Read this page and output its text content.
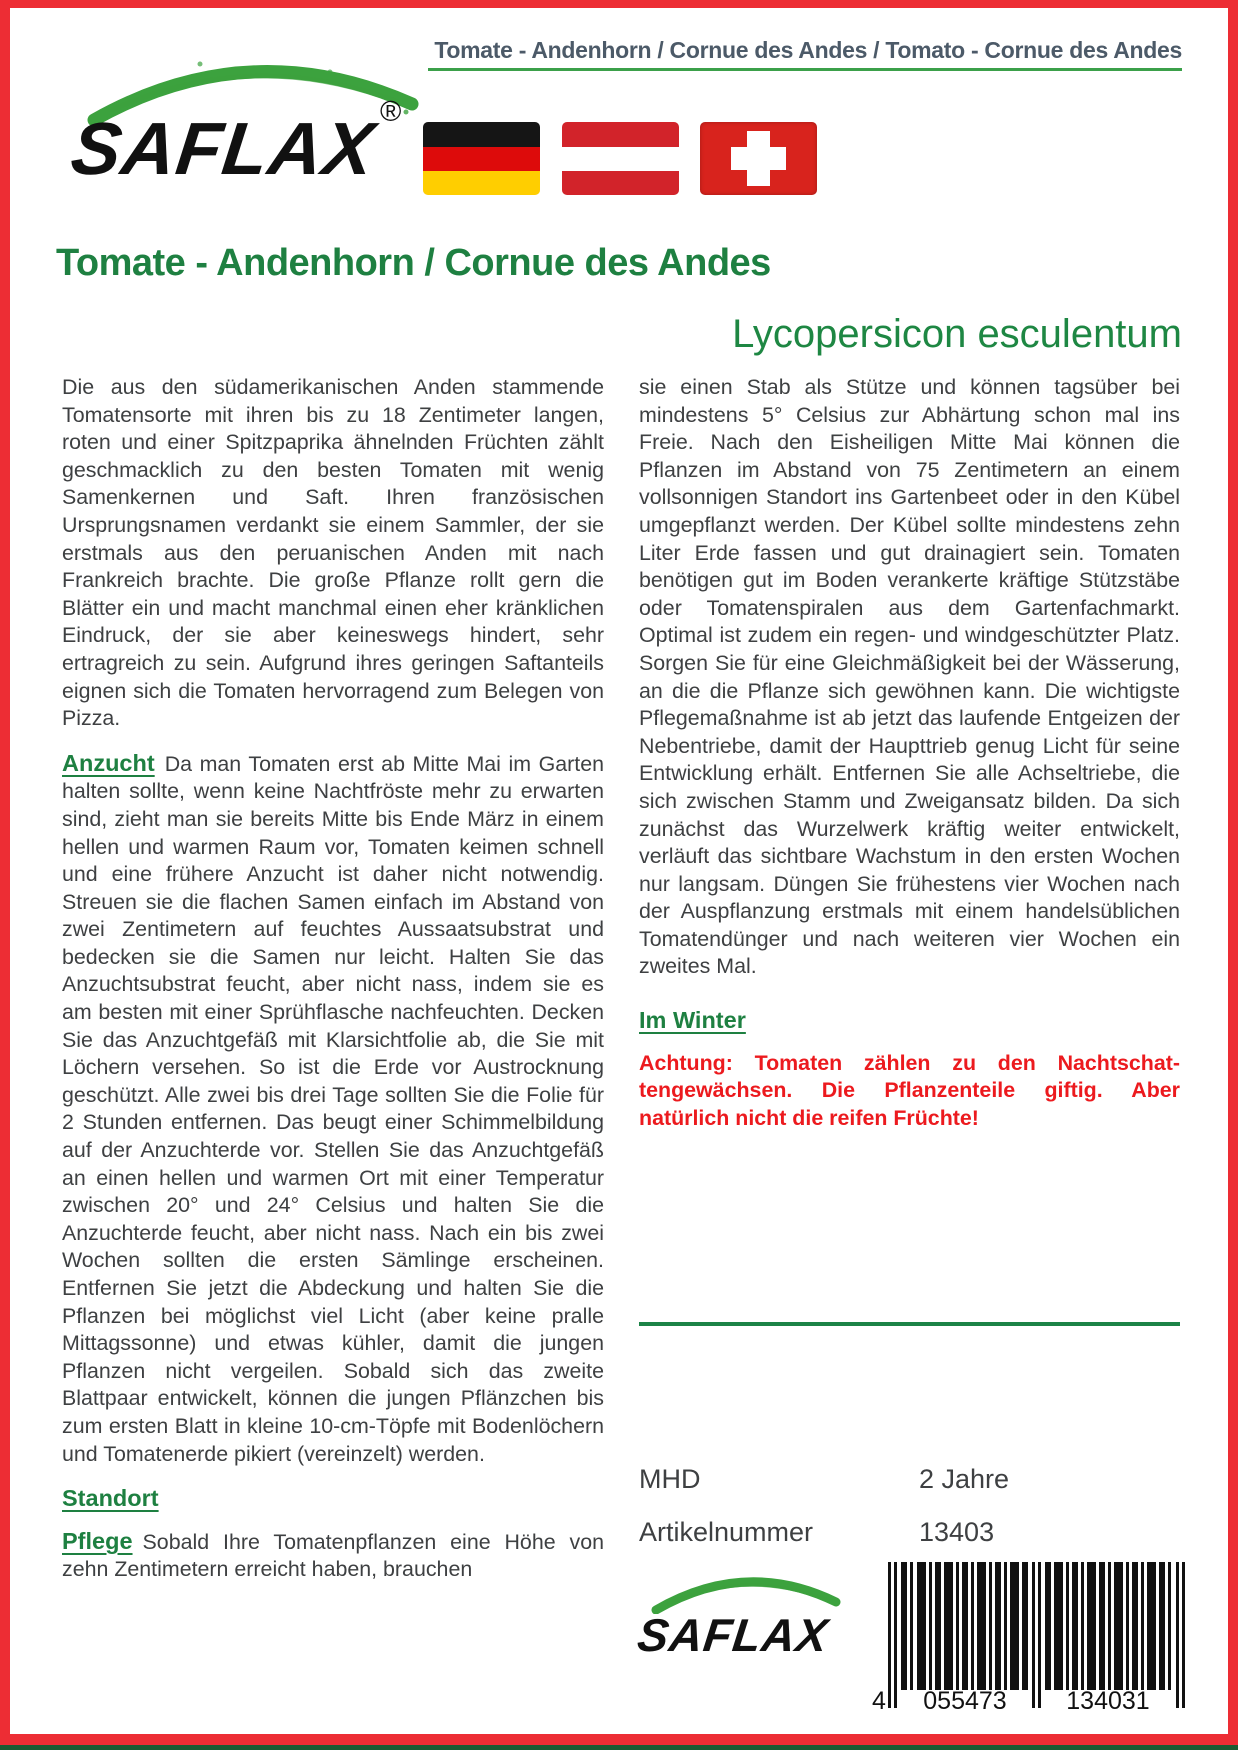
Tomate - Andenhorn / Cornue des Andes / Tomato - Cornue des Andes
®
SAFLAX
Tomate - Andenhorn / Cornue des Andes
Lycopersicon esculentum

Die aus den südamerikanischen Anden stammende Tomatensorte mit ihren bis zu 18 Zentimeter langen, roten und einer Spitzpaprika ähnelnden Früchten zählt geschmacklich zu den besten Tomaten mit wenig Samenkernen und Saft. Ihren französischen Ursprungsnamen verdankt sie einem Sammler, der sie erstmals aus den peruanischen Anden mit nach Frankreich brachte. Die große Pflanze rollt gern die Blätter ein und macht manchmal einen eher kränklichen Eindruck, der sie aber keineswegs hindert, sehr ertragreich zu sein. Aufgrund ihres geringen Saftanteils eignen sich die Tomaten hervorragend zum Belegen von Pizza.

Anzucht Da man Tomaten erst ab Mitte Mai im Garten halten sollte, wenn keine Nachtfröste mehr zu erwarten sind, zieht man sie bereits Mitte bis Ende März in einem hellen und warmen Raum vor, Tomaten keimen schnell und eine frühere Anzucht ist daher nicht notwendig. Streuen sie die flachen Samen einfach im Abstand von zwei Zentimetern auf feuchtes Aussaatsubstrat und bedecken sie die Samen nur leicht. Halten Sie das Anzuchtsubstrat feucht, aber nicht nass, indem sie es am besten mit einer Sprühflasche nachfeuchten. Decken Sie das Anzuchtgefäß mit Klarsichtfolie ab, die Sie mit Löchern versehen. So ist die Erde vor Austrocknung geschützt. Alle zwei bis drei Tage sollten Sie die Folie für 2 Stunden entfernen. Das beugt einer Schimmelbildung auf der Anzuchterde vor. Stellen Sie das Anzuchtgefäß an einen hellen und warmen Ort mit einer Temperatur zwischen 20° und 24° Celsius und halten Sie die Anzuchterde feucht, aber nicht nass. Nach ein bis zwei Wochen sollten die ersten Sämlinge erscheinen. Entfernen Sie jetzt die Abdeckung und halten Sie die Pflanzen bei möglichst viel Licht (aber keine pralle Mittagssonne) und etwas kühler, damit die jungen Pflanzen nicht vergeilen. Sobald sich das zweite Blattpaar entwickelt, können die jungen Pflänzchen bis zum ersten Blatt in kleine 10-cm-Töpfe mit Bodenlöchern und Tomatenerde pikiert (vereinzelt) werden.

Standort

Pflege Sobald Ihre Tomatenpflanzen eine Höhe von zehn Zentimetern erreicht haben, brauchen

sie einen Stab als Stütze und können tagsüber bei mindestens 5° Celsius zur Abhärtung schon mal ins Freie. Nach den Eisheiligen Mitte Mai können die Pflanzen im Abstand von 75 Zentimetern an einem vollsonnigen Standort ins Gartenbeet oder in den Kübel umgepflanzt werden. Der Kübel sollte mindestens zehn Liter Erde fassen und gut drainagiert sein. Tomaten benötigen gut im Boden verankerte kräftige Stützstäbe oder Tomatenspiralen aus dem Gartenfachmarkt. Optimal ist zudem ein regen- und windgeschützter Platz. Sorgen Sie für eine Gleichmäßigkeit bei der Wässerung, an die die Pflanze sich gewöhnen kann. Die wichtigste Pflegemaßnahme ist ab jetzt das laufende Entgeizen der Nebentriebe, damit der Haupttrieb genug Licht für seine Entwicklung erhält. Entfernen Sie alle Achseltriebe, die sich zwischen Stamm und Zweigansatz bilden. Da sich zunächst das Wurzelwerk kräftig weiter entwickelt, verläuft das sichtbare Wachstum in den ersten Wochen nur langsam. Düngen Sie frühestens vier Wochen nach der Auspflanzung erstmals mit einem handelsüblichen Tomatendünger und nach weiteren vier Wochen ein zweites Mal.

Im Winter

Achtung: Tomaten zählen zu den Nachtschattengewächsen. Die Pflanzenteile giftig. Aber natürlich nicht die reifen Früchte!

MHD	2 Jahre
Artikelnummer	13403
SAFLAX
4	055473	134031
